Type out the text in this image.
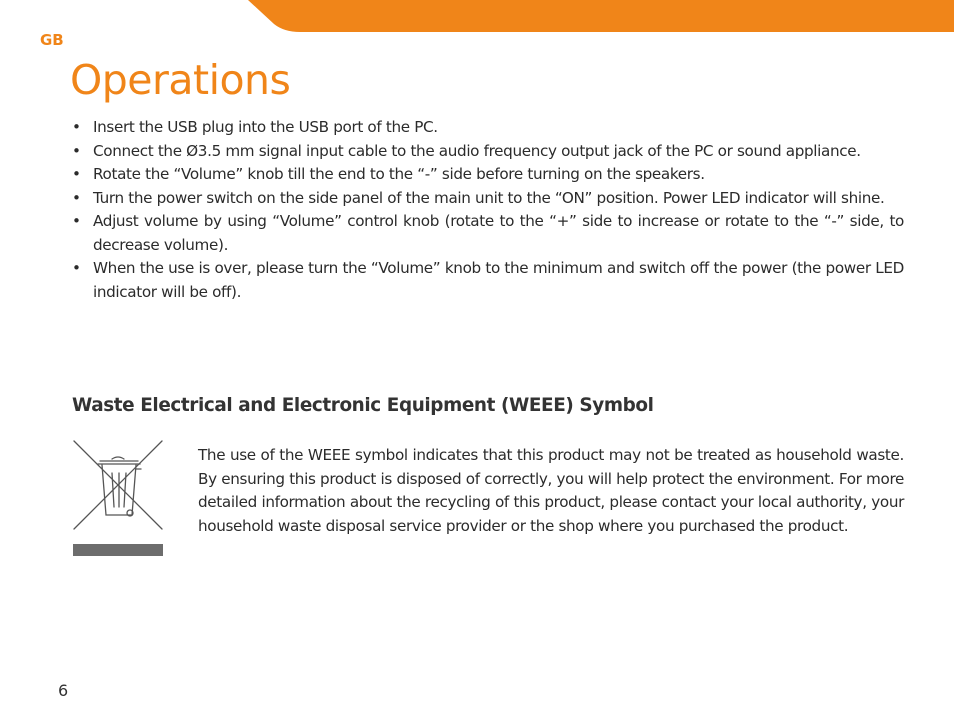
GB
Operations
• Insert the USB plug into the USB port of the PC.
• Connect the Ø3.5 mm signal input cable to the audio frequency output jack of the PC or sound appliance.
• Rotate the “Volume” knob till the end to the “-” side before turning on the speakers.
• Turn the power switch on the side panel of the main unit to the “ON” position. Power LED indicator will shine.
• Adjust volume by using “Volume” control knob (rotate to the “+” side to increase or rotate to the “-” side, to decrease volume).
• When the use is over, please turn the “Volume” knob to the minimum and switch off the power (the power LED indicator will be off).
Waste Electrical and Electronic Equipment (WEEE) Symbol

The use of the WEEE symbol indicates that this product may not be treated as household waste. By ensuring this product is disposed of correctly, you will help protect the environment. For more detailed information about the recycling of this product, please contact your local authority, your household waste disposal service provider or the shop where you purchased the product.

6
